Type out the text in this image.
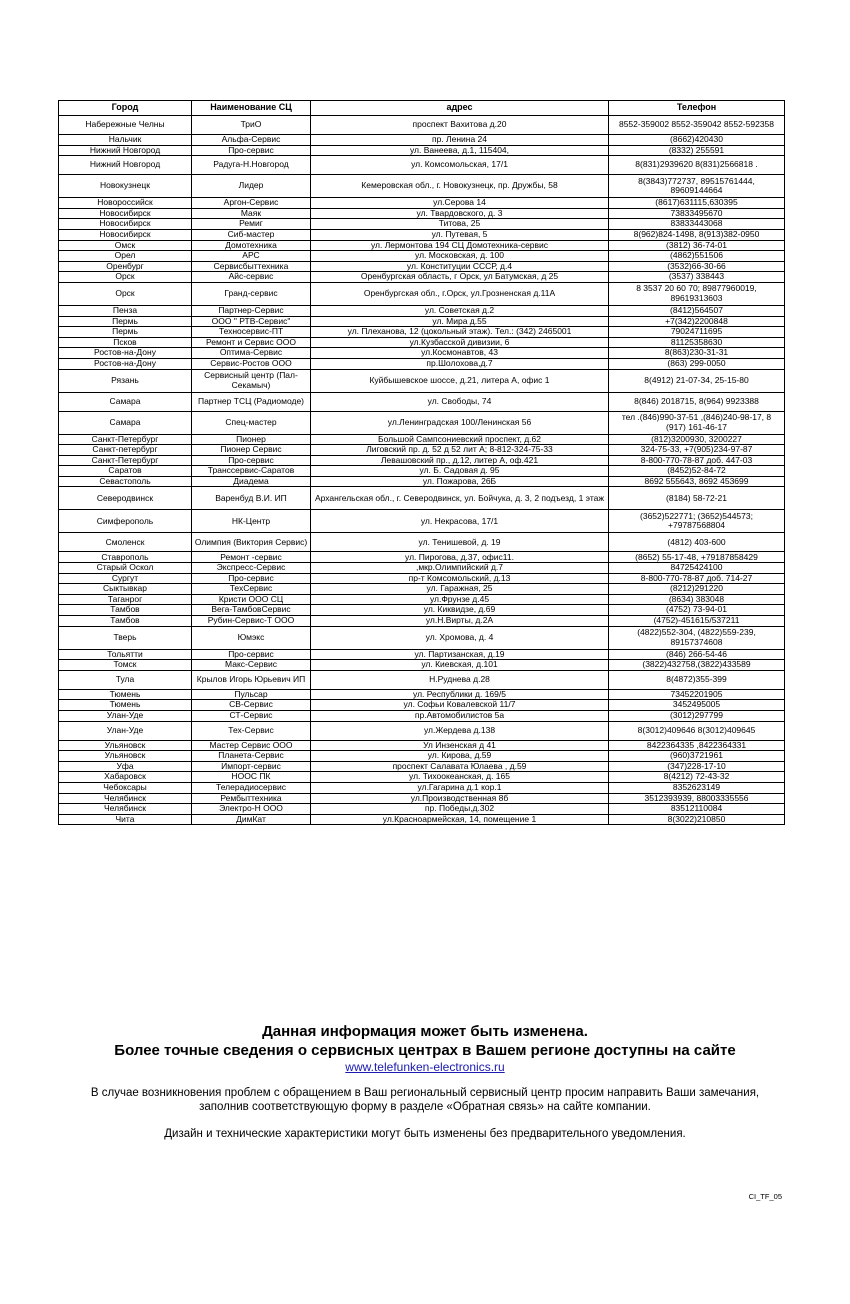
Город	Наименование СЦ	адрес	Телефон
Набережные Челны	ТриО	проспект Вахитова д.20	8552-359002 8552-359042 8552-592358
Нальчик	Альфа-Сервис	пр. Ленина 24	(8662)420430
Нижний Новгород	Про-сервис	ул. Ванеева, д.1, 115404,	(8332) 255591
Нижний Новгород	Радуга-Н.Новгород	ул. Комсомольская, 17/1	8(831)2939620 8(831)2566818 .
Новокузнецк	Лидер	Кемеровская обл., г. Новокузнецк, пр. Дружбы, 58	8(3843)772737, 89515761444, 89609144664
Новороссийск	Аргон-Сервис	ул.Серова 14	(8617)631115,630395
Новосибирск	Маяк	ул. Твардовского, д. 3	73833495670
Новосибирск	Ремиг	Титова, 25	83833443068
Новосибирск	Сиб-мастер	ул. Путевая, 5	8(962)824-1498, 8(913)382-0950
Омск	Домотехника	ул. Лермонтова 194 СЦ Домотехника-сервис	(3812) 36-74-01
Орел	АРС	ул. Московская, д. 100	(4862)551506
Оренбург	Сервисбыттехника	ул. Конституции СССР, д.4	(3532)66-30-66
Орск	Айс-сервис	Оренбургская область, г Орск, ул Батумская, д 25	(3537) 338443
Орск	Гранд-сервис	Оренбургская обл., г.Орск, ул.Грозненская д.11А	8 3537 20 60 70; 89877960019, 89619313603
Пенза	Партнер-Сервис	ул. Советская д.2	(8412)564507
Пермь	ООО " РТВ-Сервис"	ул. Мира д.55	+7(342)2200848
Пермь	Техносервис-ПТ	ул. Плеханова, 12 (цокольный этаж). Тел.: (342) 2465001	79024711695
Псков	Ремонт и Сервис ООО	ул.Кузбасской дивизии, 6	81125358630
Ростов-на-Дону	Оптима-Сервис	ул.Космонавтов, 43	8(863)230-31-31
Ростов-на-Дону	Сервис-Ростов ООО	пр.Шолохова,д.7	(863) 299-0050
Рязань	Сервисный центр (Пал-Секамыч)	Куйбышевское шоссе, д.21, литера А, офис 1	8(4912) 21-07-34, 25-15-80
Самара	Партнер ТСЦ (Радиомоде)	ул. Свободы, 74	8(846) 2018715, 8(964) 9923388
Самара	Спец-мастер	ул.Ленинградская 100/Ленинская 56	тел .(846)990-37-51 ,(846)240-98-17, 8 (917) 161-46-17
Санкт-Петербург	Пионер	Большой Сампсониевский проспект, д.62	(812)3200930, 3200227
Санкт-петербург	Пионер Сервис	Лиговский пр. д. 52 д 52 лит А; 8-812-324-75-33	324-75-33, +7(905)234-97-87
Санкт-Петербург	Про-сервис	Левашовский пр., д.12, литер А, оф.421	8-800-770-78-87 доб. 447-03
Саратов	Транссервис-Саратов	ул. Б. Садовая д. 95	(8452)52-84-72
Севастополь	Диадема	ул. Пожарова, 26Б	8692 555643, 8692 453699
Северодвинск	Варенбуд В.И. ИП	Архангельская обл., г. Северодвинск, ул. Бойчука, д. 3, 2 подъезд, 1 этаж	(8184) 58-72-21
Симферополь	НК-Центр	ул. Некрасова, 17/1	(3652)522771; (3652)544573; +79787568804
Смоленск	Олимпия (Виктория Сервис)	ул. Тенишевой, д. 19	(4812) 403-600
Ставрополь	Ремонт -сервис	ул. Пирогова, д.37, офис11.	(8652) 55-17-48, +79187858429
Старый Оскол	Экспресс-Сервис	,мкр.Олимпийский д.7	84725424100
Сургут	Про-сервис	пр-т Комсомольский, д.13	8-800-770-78-87 доб. 714-27
Сыктывкар	ТехСервис	ул. Гаражная, 25	(8212)291220
Таганрог	Кристи ООО СЦ	ул.Фрунзе д.45	(8634) 383048
Тамбов	Вега-ТамбовСервис	ул. Киквидзе, д.69	(4752) 73-94-01
Тамбов	Рубин-Сервис-Т ООО	ул.Н.Вирты, д.2А	(4752)-451615/537211
Тверь	Юмэкс	ул. Хромова, д. 4	(4822)552-304, (4822)559-239, 89157374608
Тольятти	Про-сервис	ул. Партизанская, д.19	(846) 266-54-46
Томск	Макс-Сервис	ул. Киевская, д.101	(3822)432758,(3822)433589
Тула	Крылов Игорь Юрьевич ИП	Н.Руднева д.28	8(4872)355-399
Тюмень	Пульсар	ул. Республики д. 169/5	73452201905
Тюмень	СВ-Сервис	ул. Софьи Ковалевской 11/7	3452495005
Улан-Уде	СТ-Сервис	пр.Автомобилистов 5а	(3012)297799
Улан-Уде	Тех-Сервис	ул.Жердева д.138	8(3012)409646 8(3012)409645
Ульяновск	Мастер Сервис ООО	Ул Инзенская д 41	8422364335 ,8422364331
Ульяновск	Планета-Сервис	ул. Кирова, д.59	(960)3721961
Уфа	Импорт-сервис	проспект Салавата Юлаева , д.59	(347)228-17-10
Хабаровск	НООС ПК	ул. Тихоокеанская, д. 165	8(4212) 72-43-32
Чебоксары	Телерадиосервис	ул.Гагарина д.1 кор.1	8352623149
Челябинск	Рембыттехника	ул.Производственная 8б	3512393939, 88003335556
Челябинск	Электро-Н ООО	пр. Победы,д.302	83512110084
Чита	ДимКат	ул.Красноармейская, 14, помещение 1	8(3022)210850
Данная информация может быть изменена.
Более точные сведения о сервисных центрах в Вашем регионе доступны на сайте
www.telefunken-electronics.ru
В случае возникновения проблем с обращением в Ваш региональный сервисный центр просим направить Ваши замечания,
заполнив соответствующую форму в разделе «Обратная связь» на сайте компании.
Дизайн и технические характеристики могут быть изменены без предварительного уведомления.
CI_TF_05
